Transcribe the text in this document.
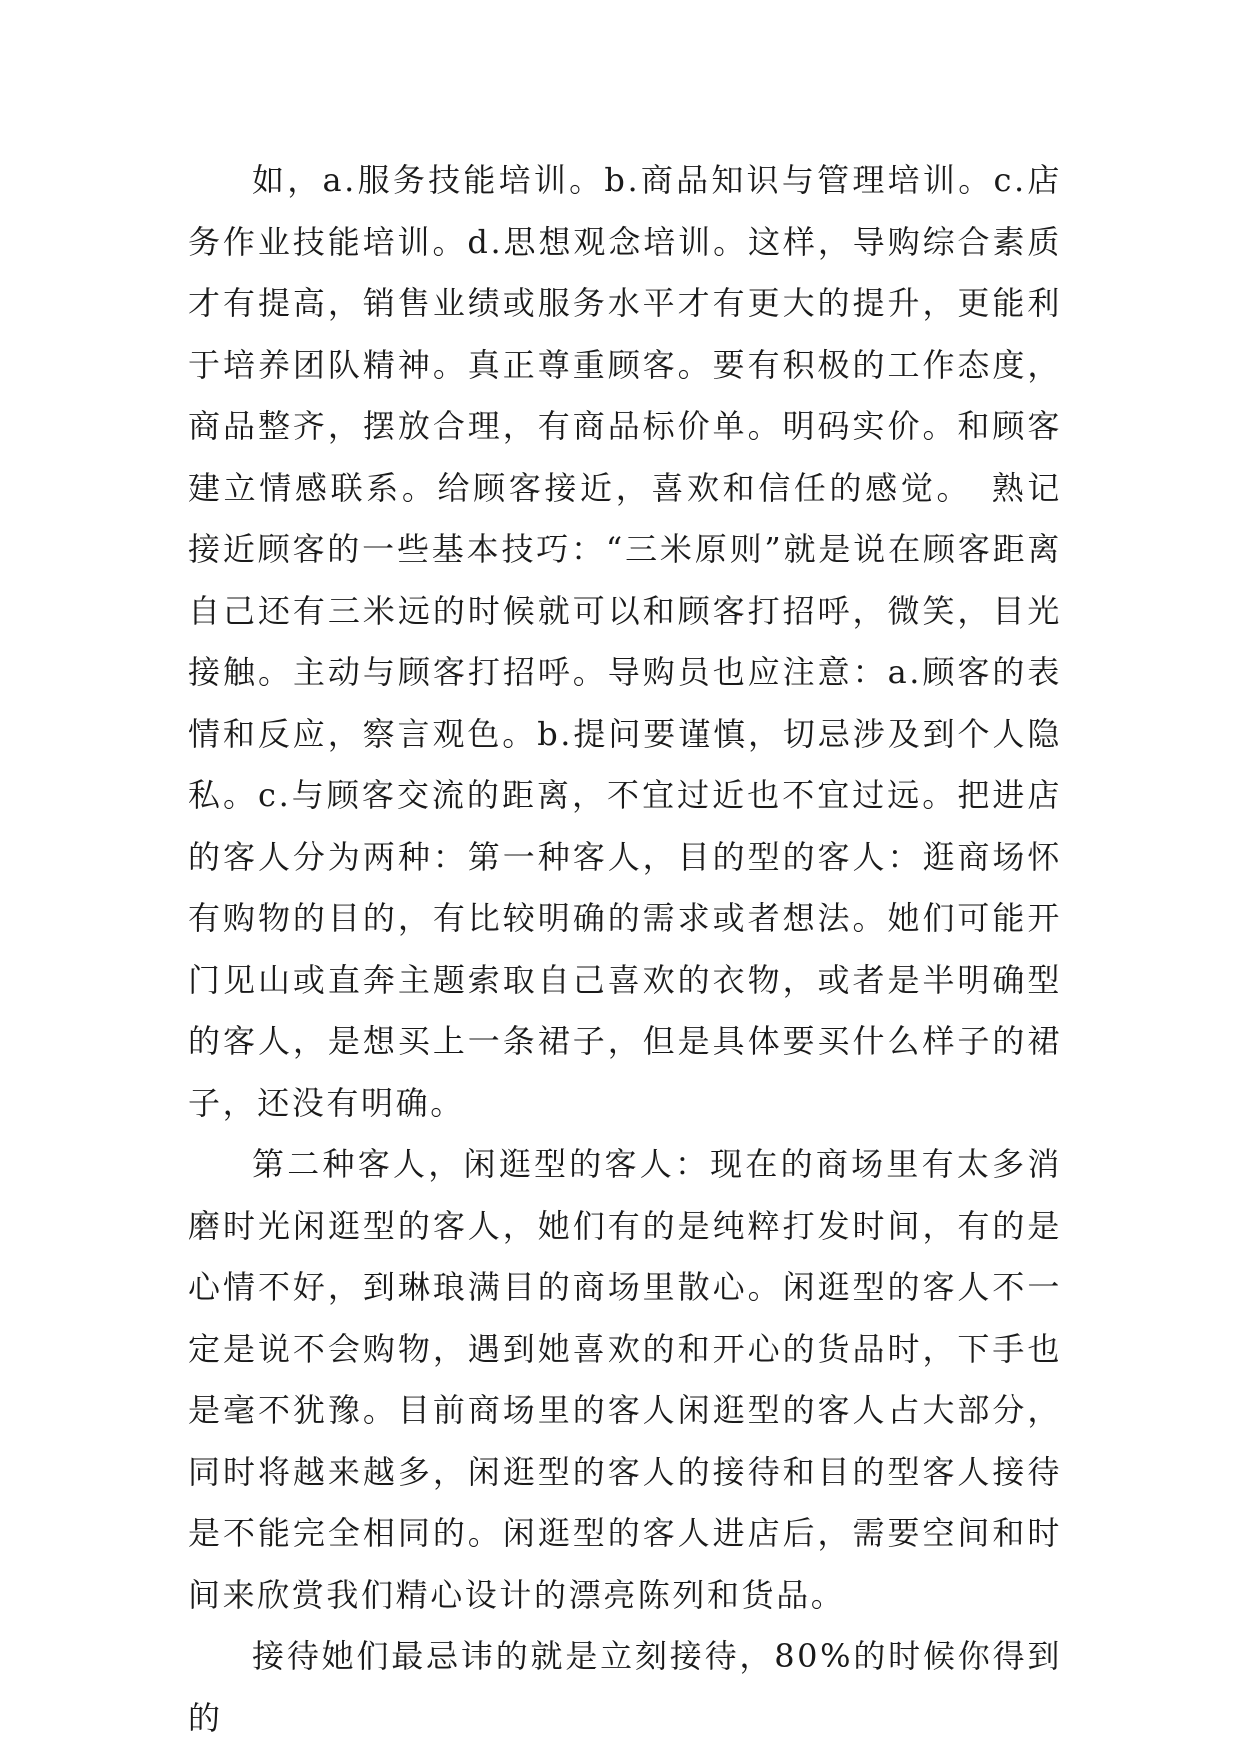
如，a.服务技能培训。b.商品知识与管理培训。c.店务作业技能培训。d.思想观念培训。这样，导购综合素质才有提高，销售业绩或服务水平才有更大的提升，更能利于培养团队精神。真正尊重顾客。要有积极的工作态度，商品整齐，摆放合理，有商品标价单。明码实价。和顾客建立情感联系。给顾客接近，喜欢和信任的感觉。　熟记接近顾客的一些基本技巧：“三米原则”就是说在顾客距离自己还有三米远的时候就可以和顾客打招呼，微笑，目光接触。主动与顾客打招呼。导购员也应注意：a.顾客的表情和反应，察言观色。b.提问要谨慎，切忌涉及到个人隐私。c.与顾客交流的距离，不宜过近也不宜过远。把进店的客人分为两种：第一种客人，目的型的客人：逛商场怀有购物的目的，有比较明确的需求或者想法。她们可能开门见山或直奔主题索取自己喜欢的衣物，或者是半明确型的客人，是想买上一条裙子，但是具体要买什么样子的裙子，还没有明确。

第二种客人，闲逛型的客人：现在的商场里有太多消磨时光闲逛型的客人，她们有的是纯粹打发时间，有的是心情不好，到琳琅满目的商场里散心。闲逛型的客人不一定是说不会购物，遇到她喜欢的和开心的货品时，下手也是毫不犹豫。目前商场里的客人闲逛型的客人占大部分，同时将越来越多，闲逛型的客人的接待和目的型客人接待是不能完全相同的。闲逛型的客人进店后，需要空间和时间来欣赏我们精心设计的漂亮陈列和货品。

接待她们最忌讳的就是立刻接待，80%的时候你得到的
